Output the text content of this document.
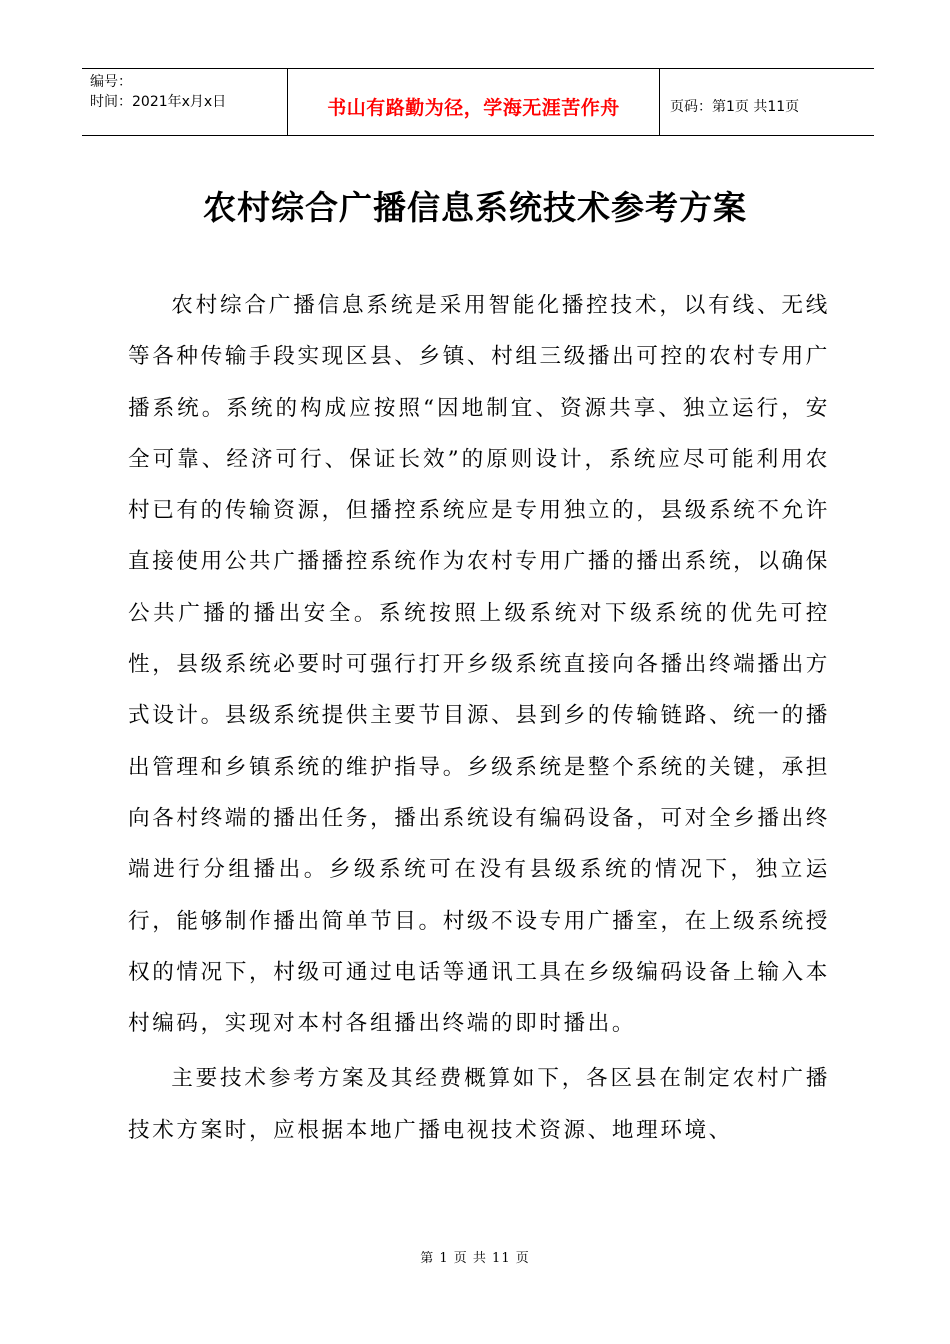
编号：
时间：2021年x月x日	书山有路勤为径，学海无涯苦作舟	页码：第1页 共11页
农村综合广播信息系统技术参考方案

农村综合广播信息系统是采用智能化播控技术，以有线、无线等各种传输手段实现区县、乡镇、村组三级播出可控的农村专用广播系统。系统的构成应按照“因地制宜、资源共享、独立运行，安全可靠、经济可行、保证长效”的原则设计，系统应尽可能利用农村已有的传输资源，但播控系统应是专用独立的，县级系统不允许直接使用公共广播播控系统作为农村专用广播的播出系统，以确保公共广播的播出安全。系统按照上级系统对下级系统的优先可控性，县级系统必要时可强行打开乡级系统直接向各播出终端播出方式设计。县级系统提供主要节目源、县到乡的传输链路、统一的播出管理和乡镇系统的维护指导。乡级系统是整个系统的关键，承担向各村终端的播出任务，播出系统设有编码设备，可对全乡播出终端进行分组播出。乡级系统可在没有县级系统的情况下，独立运行，能够制作播出简单节目。村级不设专用广播室，在上级系统授权的情况下，村级可通过电话等通讯工具在乡级编码设备上输入本村编码，实现对本村各组播出终端的即时播出。

主要技术参考方案及其经费概算如下，各区县在制定农村广播技术方案时，应根据本地广播电视技术资源、地理环境、

第 1 页 共 11 页
